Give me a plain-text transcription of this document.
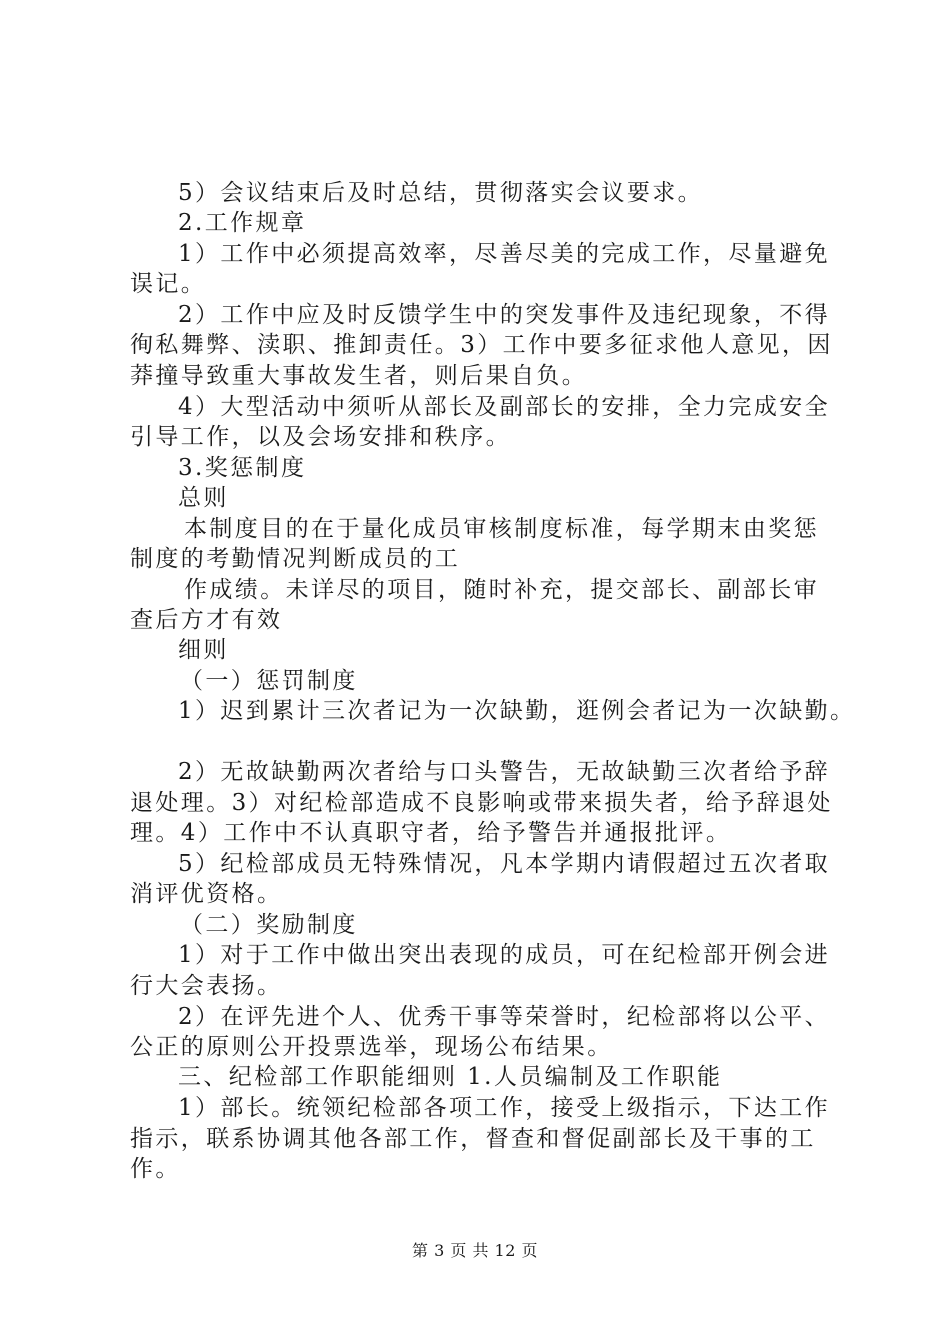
5）会议结束后及时总结，贯彻落实会议要求。
2.工作规章
1）工作中必须提高效率，尽善尽美的完成工作，尽量避免
误记。
2）工作中应及时反馈学生中的突发事件及违纪现象，不得
徇私舞弊、渎职、推卸责任。3）工作中要多征求他人意见，因
莽撞导致重大事故发生者，则后果自负。
4）大型活动中须听从部长及副部长的安排，全力完成安全
引导工作，以及会场安排和秩序。
3.奖惩制度
总则
本制度目的在于量化成员审核制度标准，每学期末由奖惩
制度的考勤情况判断成员的工
作成绩。未详尽的项目，随时补充，提交部长、副部长审
查后方才有效
细则
（一）惩罚制度
1）迟到累计三次者记为一次缺勤，逛例会者记为一次缺勤。
2）无故缺勤两次者给与口头警告，无故缺勤三次者给予辞
退处理。3）对纪检部造成不良影响或带来损失者，给予辞退处
理。4）工作中不认真职守者，给予警告并通报批评。
5）纪检部成员无特殊情况，凡本学期内请假超过五次者取
消评优资格。
（二）奖励制度
1）对于工作中做出突出表现的成员，可在纪检部开例会进
行大会表扬。
2）在评先进个人、优秀干事等荣誉时，纪检部将以公平、
公正的原则公开投票选举，现场公布结果。
三、纪检部工作职能细则 1.人员编制及工作职能
1）部长。统领纪检部各项工作，接受上级指示，下达工作
指示，联系协调其他各部工作，督查和督促副部长及干事的工
作。
第 3 页 共 12 页
